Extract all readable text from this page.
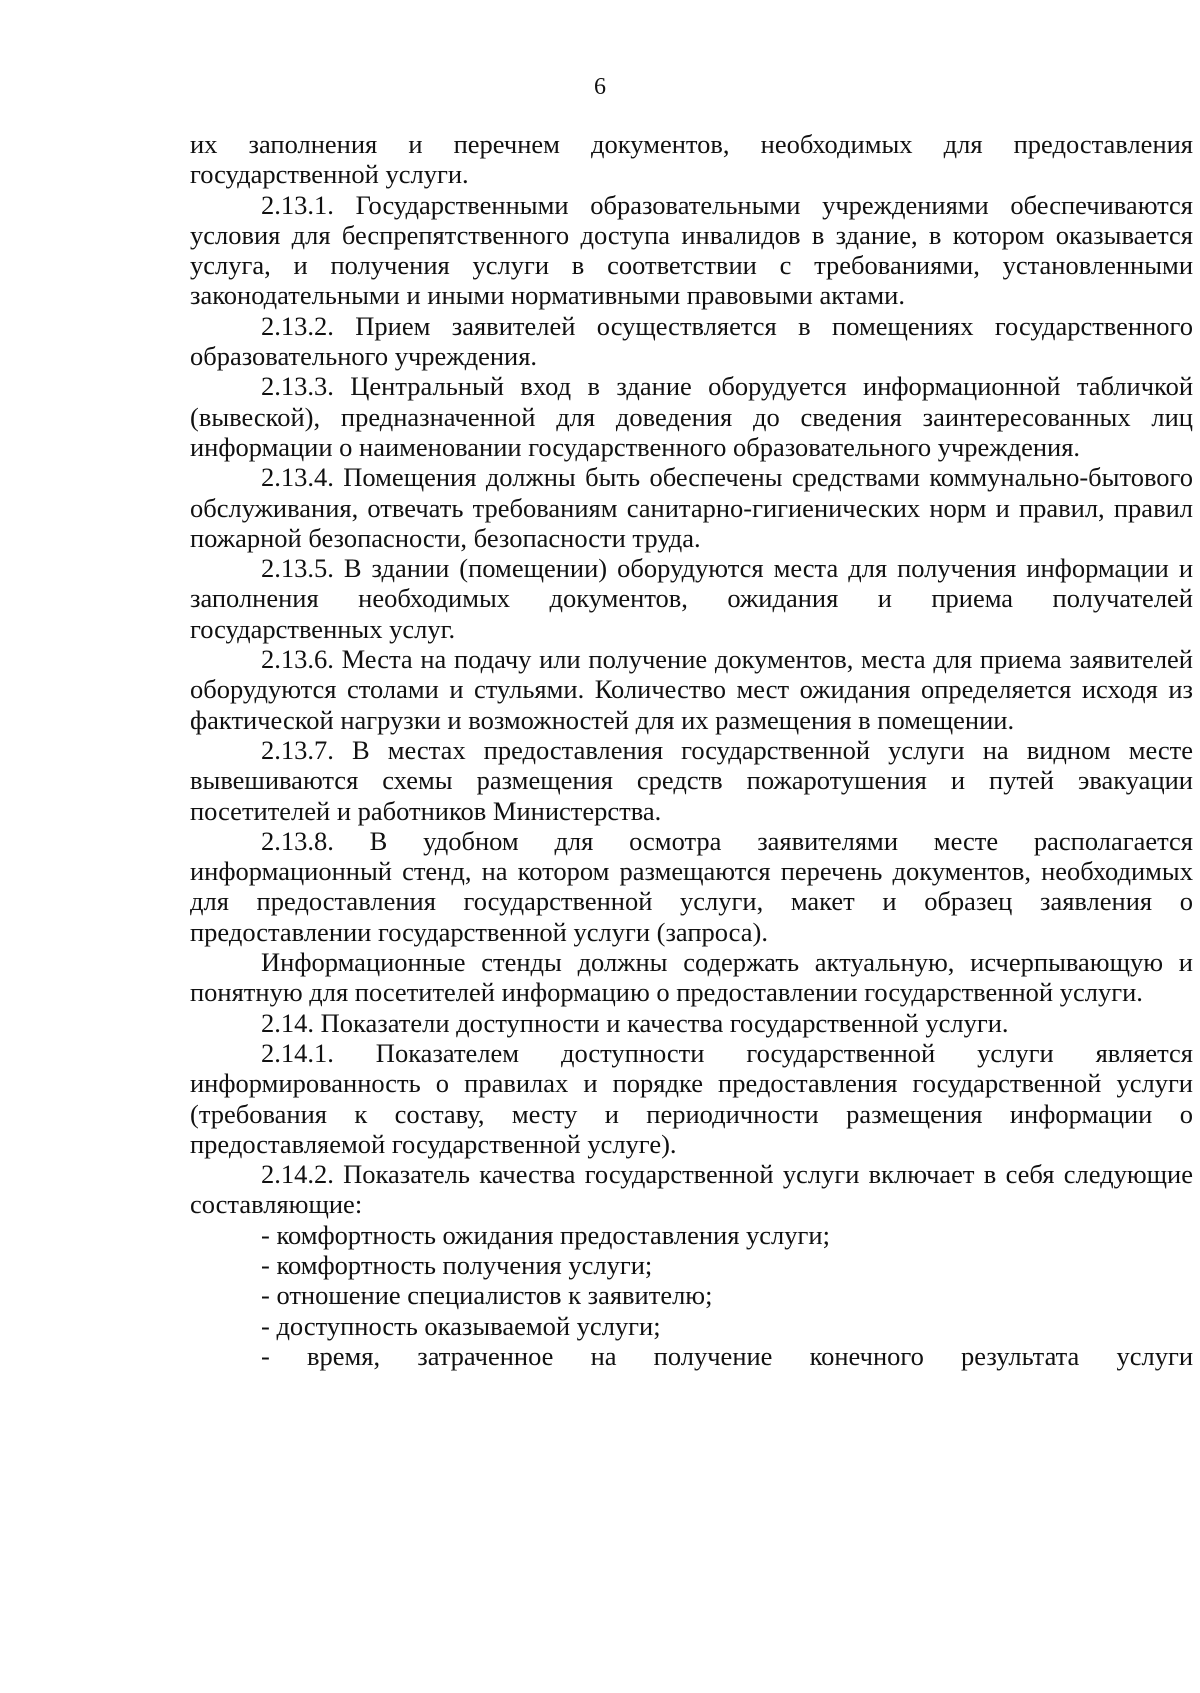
6

их заполнения и перечнем документов, необходимых для предоставления государственной услуги.

2.13.1. Государственными образовательными учреждениями обеспечиваются условия для беспрепятственного доступа инвалидов в здание, в котором оказывается услуга, и получения услуги в соответствии с требованиями, установленными законодательными и иными нормативными правовыми актами.

2.13.2. Прием заявителей осуществляется в помещениях государственного образовательного учреждения.

2.13.3. Центральный вход в здание оборудуется информационной табличкой (вывеской), предназначенной для доведения до сведения заинтересованных лиц информации о наименовании государственного образовательного учреждения.

2.13.4. Помещения должны быть обеспечены средствами коммунально-бытового обслуживания, отвечать требованиям санитарно-гигиенических норм и правил, правил пожарной безопасности, безопасности труда.

2.13.5. В здании (помещении) оборудуются места для получения информации и заполнения необходимых документов, ожидания и приема получателей государственных услуг.

2.13.6. Места на подачу или получение документов, места для приема заявителей оборудуются столами и стульями. Количество мест ожидания определяется исходя из фактической нагрузки и возможностей для их размещения в помещении.

2.13.7. В местах предоставления государственной услуги на видном месте вывешиваются схемы размещения средств пожаротушения и путей эвакуации посетителей и работников Министерства.

2.13.8. В удобном для осмотра заявителями месте располагается информационный стенд, на котором размещаются перечень документов, необходимых для предоставления государственной услуги, макет и образец заявления о предоставлении государственной услуги (запроса).

Информационные стенды должны содержать актуальную, исчерпывающую и понятную для посетителей информацию о предоставлении государственной услуги.

2.14. Показатели доступности и качества государственной услуги.

2.14.1. Показателем доступности государственной услуги является информированность о правилах и порядке предоставления государственной услуги (требования к составу, месту и периодичности размещения информации о предоставляемой государственной услуге).

2.14.2. Показатель качества государственной услуги включает в себя следующие составляющие:

- комфортность ожидания предоставления услуги;

- комфортность получения услуги;

- отношение специалистов к заявителю;

- доступность оказываемой услуги;

- время, затраченное на получение конечного результата услуги
